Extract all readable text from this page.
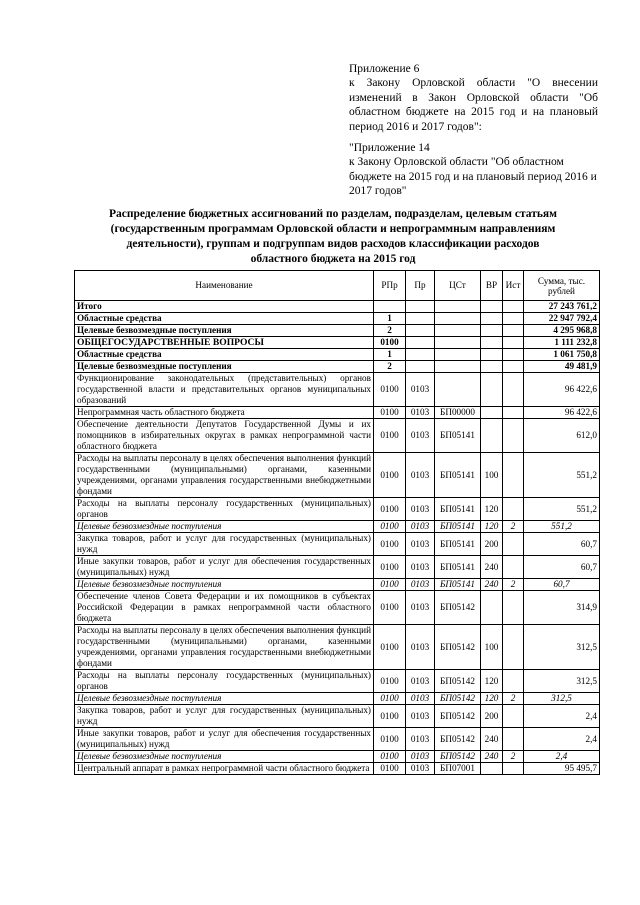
Приложение 6

к Закону Орловской области "О внесении изменений в Закон Орловской области "Об областном бюджете на 2015 год и на плановый период 2016 и 2017 годов":

"Приложение 14

к Закону Орловской области "Об областном бюджете на 2015 год и на плановый период 2016 и 2017 годов"

Распределение бюджетных ассигнований по разделам, подразделам, целевым статьям (государственным программам Орловской области и непрограммным направлениям деятельности), группам и подгруппам видов расходов классификации расходов областного бюджета на 2015 год
Наименование	РПр	Пр	ЦСт	ВР	Ист	Сумма, тыс. рублей
Итого						27 243 761,2
Областные средства	1					22 947 792,4
Целевые безвозмездные поступления	2					4 295 968,8
ОБЩЕГОСУДАРСТВЕННЫЕ ВОПРОСЫ	0100					1 111 232,8
Областные средства	1					1 061 750,8
Целевые безвозмездные поступления	2					49 481,9
Функционирование законодательных (представительных) органов государственной власти и представительных органов муниципальных образований	0100	0103				96 422,6
Непрограммная часть областного бюджета	0100	0103	БП00000			96 422,6
Обеспечение деятельности Депутатов Государственной Думы и их помощников в избирательных округах в рамках непрограммной части областного бюджета	0100	0103	БП05141			612,0
Расходы на выплаты персоналу в целях обеспечения выполнения функций государственными (муниципальными) органами, казенными учреждениями, органами управления государственными внебюджетными фондами	0100	0103	БП05141	100		551,2
Расходы на выплаты персоналу государственных (муниципальных) органов	0100	0103	БП05141	120		551,2
Целевые безвозмездные поступления	0100	0103	БП05141	120	2	551,2
Закупка товаров, работ и услуг для государственных (муниципальных) нужд	0100	0103	БП05141	200		60,7
Иные закупки товаров, работ и услуг для обеспечения государственных (муниципальных) нужд	0100	0103	БП05141	240		60,7
Целевые безвозмездные поступления	0100	0103	БП05141	240	2	60,7
Обеспечение членов Совета Федерации и их помощников в субъектах Российской Федерации в рамках непрограммной части областного бюджета	0100	0103	БП05142			314,9
Расходы на выплаты персоналу в целях обеспечения выполнения функций государственными (муниципальными) органами, казенными учреждениями, органами управления государственными внебюджетными фондами	0100	0103	БП05142	100		312,5
Расходы на выплаты персоналу государственных (муниципальных) органов	0100	0103	БП05142	120		312,5
Целевые безвозмездные поступления	0100	0103	БП05142	120	2	312,5
Закупка товаров, работ и услуг для государственных (муниципальных) нужд	0100	0103	БП05142	200		2,4
Иные закупки товаров, работ и услуг для обеспечения государственных (муниципальных) нужд	0100	0103	БП05142	240		2,4
Целевые безвозмездные поступления	0100	0103	БП05142	240	2	2,4
Центральный аппарат в рамках непрограммной части областного бюджета	0100	0103	БП07001			95 495,7
